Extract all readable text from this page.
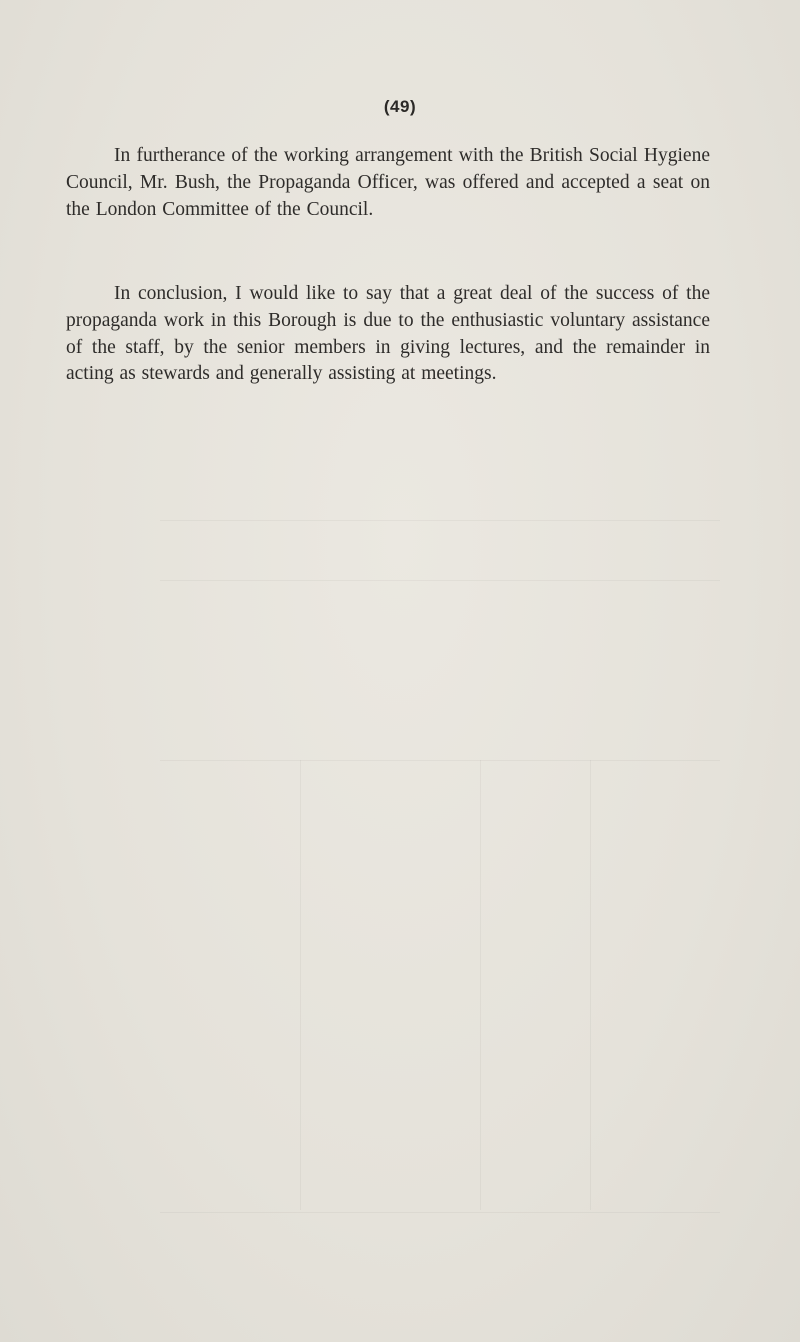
(49)

In furtherance of the working arrangement with the British Social Hygiene Council, Mr. Bush, the Propaganda Officer, was offered and accepted a seat on the London Committee of the Council.

In conclusion, I would like to say that a great deal of the success of the propaganda work in this Borough is due to the enthusiastic voluntary assistance of the staff, by the senior members in giving lectures, and the remainder in acting as stewards and generally assisting at meetings.
